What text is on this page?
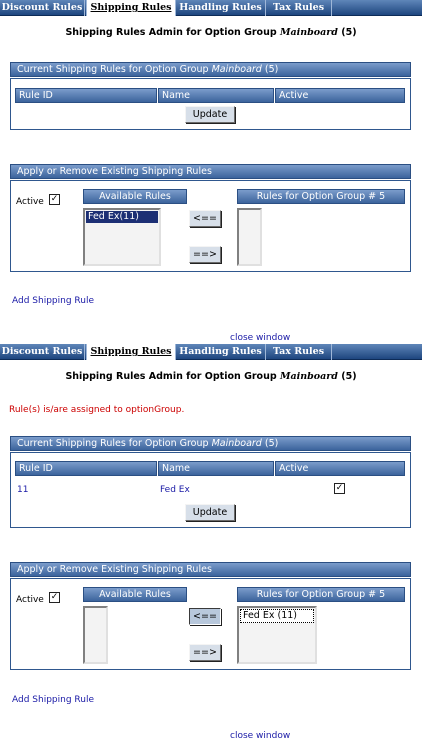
Discount Rules Shipping Rules Handling Rules	Tax Rules
Shipping Rules Admin for Option Group Mainboard (5)
Current Shipping Rules for Option Group Mainboard (5)
Rule ID	Name	Active
Update
Apply or Remove Existing Shipping Rules
Active ✓	Available Rules
Fed Ex(11)	<==
==>
Rules for Option Group # 5
Add Shipping Rule
close window
Discount Rules Shipping Rules Handling Rules	Tax Rules
Shipping Rules Admin for Option Group Mainboard (5)
Rule(s) is/are assigned to optionGroup.
Current Shipping Rules for Option Group Mainboard (5)
Rule ID	Name	Active
11	Fed Ex	✓
Update
Apply or Remove Existing Shipping Rules
Active ✓	Available Rules
<==
==>
Rules for Option Group # 5
Fed Ex (11)
Add Shipping Rule
close window
